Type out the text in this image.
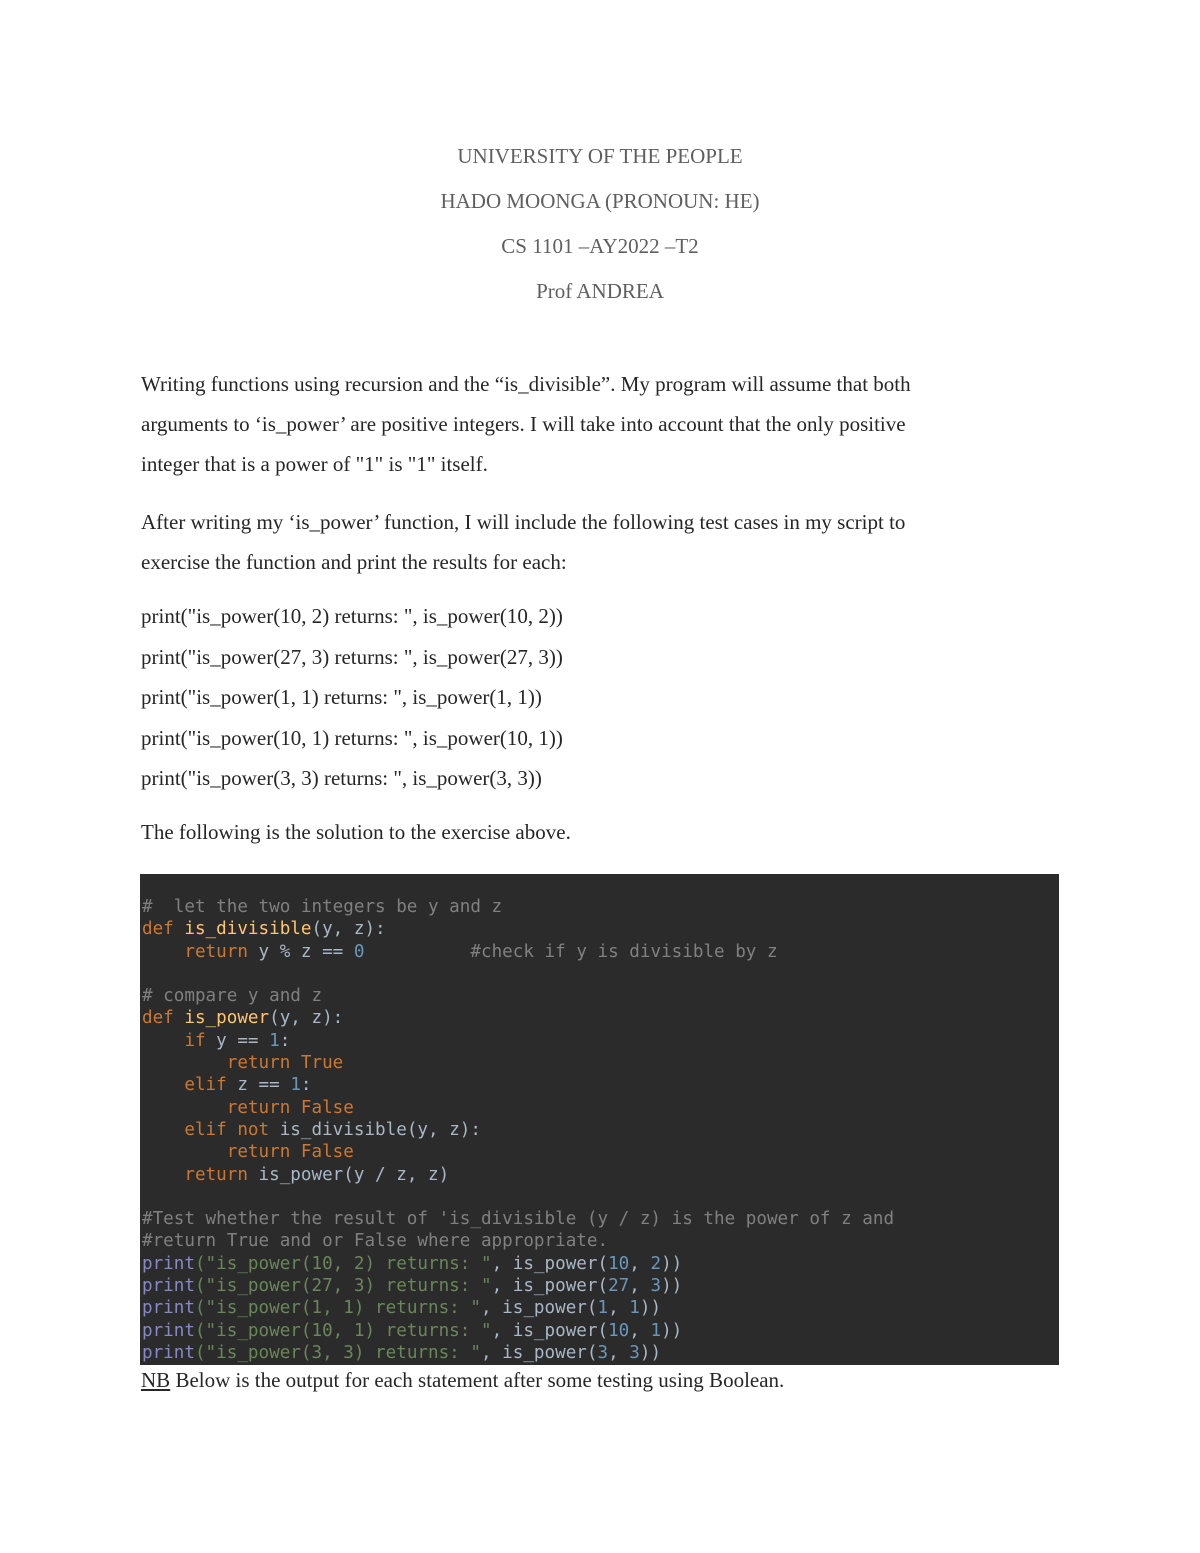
UNIVERSITY OF THE PEOPLE
HADO MOONGA (PRONOUN: HE)
CS 1101 –AY2022 –T2
Prof ANDREA
Writing functions using recursion and the “is_divisible”. My program will assume that both
arguments to ‘is_power’ are positive integers. I will take into account that the only positive
integer that is a power of "1" is "1" itself.
After writing my ‘is_power’ function, I will include the following test cases in my script to
exercise the function and print the results for each:
print("is_power(10, 2) returns: ", is_power(10, 2))
print("is_power(27, 3) returns: ", is_power(27, 3))
print("is_power(1, 1) returns: ", is_power(1, 1))
print("is_power(10, 1) returns: ", is_power(10, 1))
print("is_power(3, 3) returns: ", is_power(3, 3))
The following is the solution to the exercise above.
#  let the two integers be y and z
def is_divisible(y, z):
return y % z == 0	#check if y is divisible by z

# compare y and z
def is_power(y, z):
if y == 1:
return True
elif z == 1:
return False
elif not is_divisible(y, z):
return False
return is_power(y / z, z)

#Test whether the result of 'is_divisible (y / z) is the power of z and
#return True and or False where appropriate.
print("is_power(10, 2) returns: ", is_power(10, 2))
print("is_power(27, 3) returns: ", is_power(27, 3))
print("is_power(1, 1) returns: ", is_power(1, 1))
print("is_power(10, 1) returns: ", is_power(10, 1))
print("is_power(3, 3) returns: ", is_power(3, 3))
NB Below is the output for each statement after some testing using Boolean.
